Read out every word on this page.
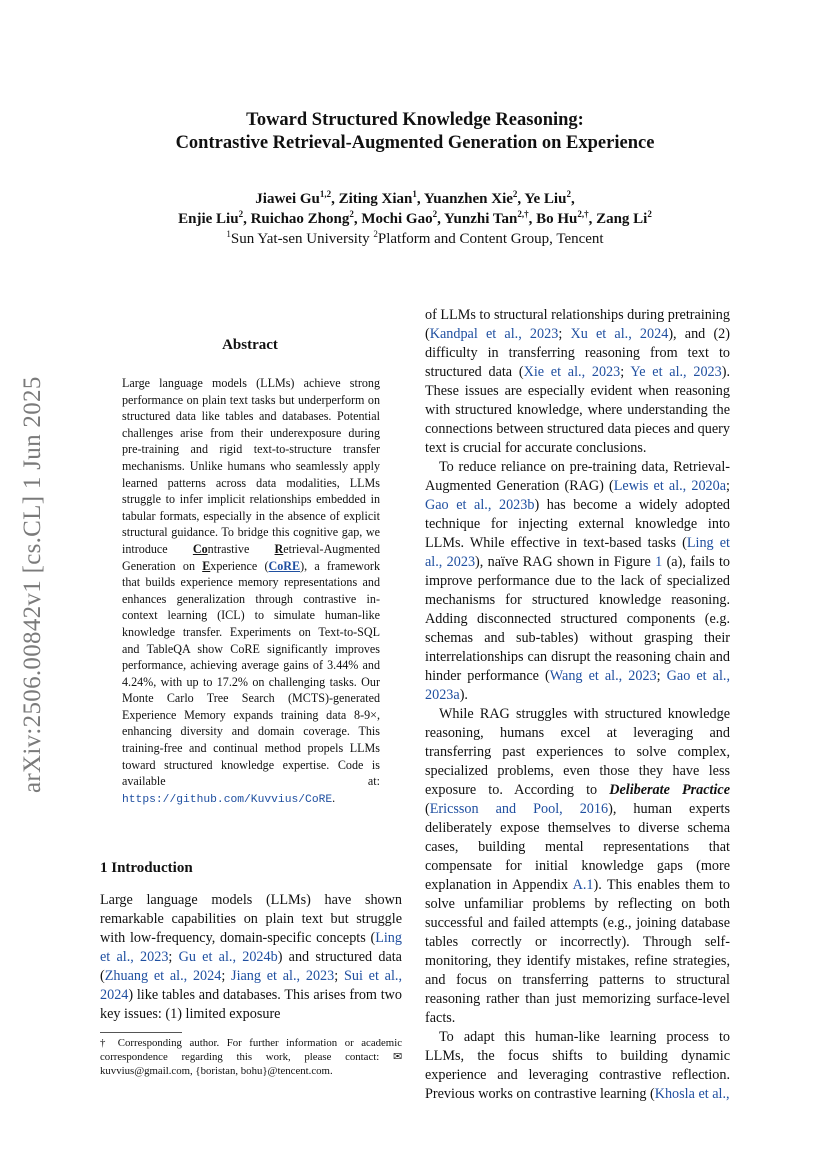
arXiv:2506.00842v1 [cs.CL] 1 Jun 2025
Toward Structured Knowledge Reasoning:
Contrastive Retrieval-Augmented Generation on Experience
Jiawei Gu$^{1,2}$, Ziting Xian$^1$, Yuanzhen Xie$^2$, Ye Liu$^2$,
Enjie Liu$^2$, Ruichao Zhong$^2$, Mochi Gao$^2$, Yunzhi Tan$^{2,\dagger}$, Bo $Hu^{2,\dagger}$, Zang Li$^2$
$^1$Sun Yat-sen University $^2$Platform and Content Group, Tencent
Abstract
Large language models (LLMs) achieve strong performance on plain text tasks but underperform on structured data like tables and databases. Potential challenges arise from their underexposure during pre-training and rigid text-to-structure transfer mechanisms. Unlike humans who seamlessly apply learned patterns across data modalities, LLMs struggle to infer implicit relationships embedded in tabular formats, especially in the absence of explicit structural guidance. To bridge this cognitive gap, we introduce Contrastive Retrieval-Augmented Generation on Experience (CoRE), a framework that builds experience memory representations and enhances generalization through contrastive in-context learning (ICL) to simulate human-like knowledge transfer. Experiments on Text-to-SQL and TableQA show CoRE significantly improves performance, achieving average gains of 3.44% and 4.24%, with up to 17.2% on challenging tasks. Our Monte Carlo Tree Search (MCTS)-generated Experience Memory expands training data 8-9×, enhancing diversity and domain coverage. This training-free and continual method propels LLMs toward structured knowledge expertise. Code is available at: https://github.com/Kuvvius/CoRE.
1 Introduction
Large language models (LLMs) have shown remarkable capabilities on plain text but struggle with low-frequency, domain-specific concepts (Ling et al., 2023; Gu et al., 2024b) and structured data (Zhuang et al., 2024; Jiang et al., 2023; Sui et al., 2024) like tables and databases. This arises from two key issues: (1) limited exposure
† Corresponding author. For further information or academic correspondence regarding this work, please contact: ✉ kuvvius@gmail.com, {boristan, bohu}@tencent.com.
of LLMs to structural relationships during pretraining (Kandpal et al., 2023; Xu et al., 2024), and (2) difficulty in transferring reasoning from text to structured data (Xie et al., 2023; Ye et al., 2023). These issues are especially evident when reasoning with structured knowledge, where understanding the connections between structured data pieces and query text is crucial for accurate conclusions.
To reduce reliance on pre-training data, Retrieval-Augmented Generation (RAG) (Lewis et al., 2020a; Gao et al., 2023b) has become a widely adopted technique for injecting external knowledge into LLMs. While effective in text-based tasks (Ling et al., 2023), naïve RAG shown in Figure 1 (a), fails to improve performance due to the lack of specialized mechanisms for structured knowledge reasoning. Adding disconnected structured components (e.g. schemas and sub-tables) without grasping their interrelationships can disrupt the reasoning chain and hinder performance (Wang et al., 2023; Gao et al., 2023a).
While RAG struggles with structured knowledge reasoning, humans excel at leveraging and transferring past experiences to solve complex, specialized problems, even those they have less exposure to. According to Deliberate Practice (Ericsson and Pool, 2016), human experts deliberately expose themselves to diverse schema cases, building mental representations that compensate for initial knowledge gaps (more explanation in Appendix A.1). This enables them to solve unfamiliar problems by reflecting on both successful and failed attempts (e.g., joining database tables correctly or incorrectly). Through self-monitoring, they identify mistakes, refine strategies, and focus on transferring patterns to structural reasoning rather than just memorizing surface-level facts.
To adapt this human-like learning process to LLMs, the focus shifts to building dynamic experience and leveraging contrastive reflection. Previous works on contrastive learning (Khosla et al.,
